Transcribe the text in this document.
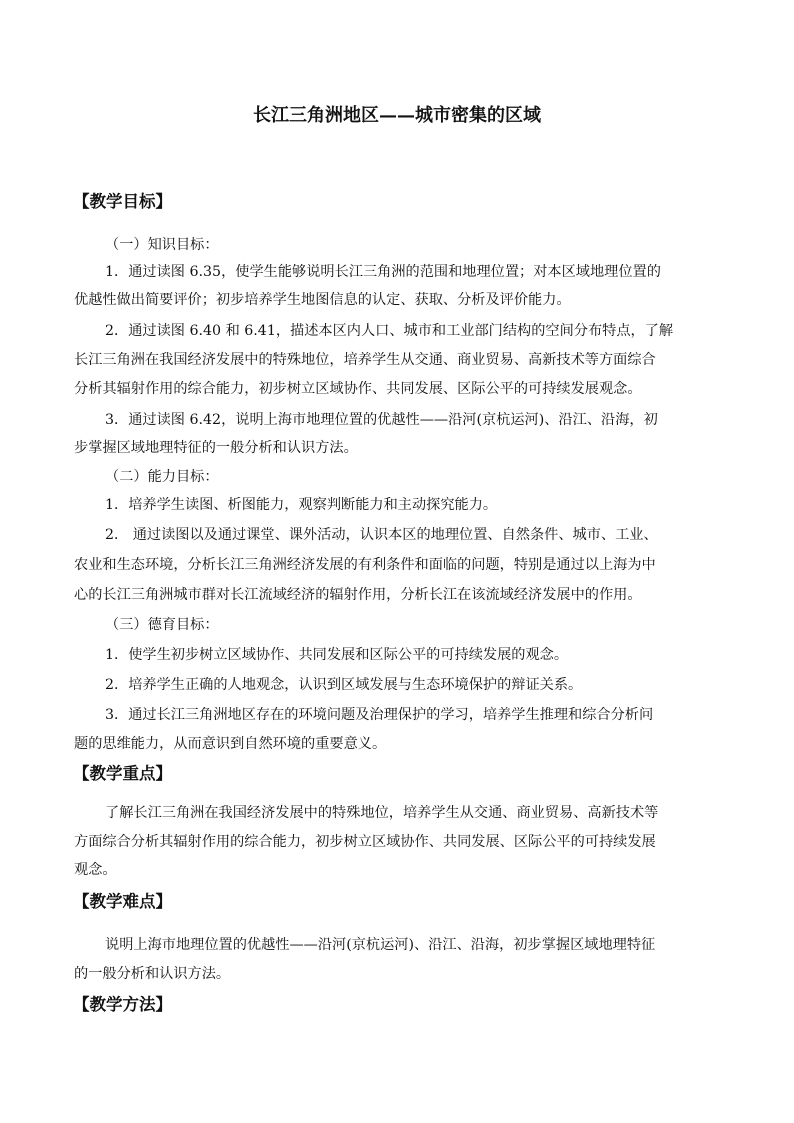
长江三角洲地区——城市密集的区域
【教学目标】
（一）知识目标：
1．通过读图 6.35，使学生能够说明长江三角洲的范围和地理位置；对本区域地理位置的
优越性做出简要评价；初步培养学生地图信息的认定、获取、分析及评价能力。
2．通过读图 6.40 和 6.41，描述本区内人口、城市和工业部门结构的空间分布特点，了解
长江三角洲在我国经济发展中的特殊地位，培养学生从交通、商业贸易、高新技术等方面综合
分析其辐射作用的综合能力，初步树立区域协作、共同发展、区际公平的可持续发展观念。
3．通过读图 6.42，说明上海市地理位置的优越性——沿河(京杭运河)、沿江、沿海，初
步掌握区域地理特征的一般分析和认识方法。
（二）能力目标：
1．培养学生读图、析图能力，观察判断能力和主动探究能力。
2． 通过读图以及通过课堂、课外活动，认识本区的地理位置、自然条件、城市、工业、
农业和生态环境，分析长江三角洲经济发展的有利条件和面临的问题，特别是通过以上海为中
心的长江三角洲城市群对长江流域经济的辐射作用，分析长江在该流域经济发展中的作用。
（三）德育目标：
1．使学生初步树立区域协作、共同发展和区际公平的可持续发展的观念。
2．培养学生正确的人地观念，认识到区域发展与生态环境保护的辩证关系。
3．通过长江三角洲地区存在的环境问题及治理保护的学习，培养学生推理和综合分析问
题的思维能力，从而意识到自然环境的重要意义。
【教学重点】
了解长江三角洲在我国经济发展中的特殊地位，培养学生从交通、商业贸易、高新技术等
方面综合分析其辐射作用的综合能力，初步树立区域协作、共同发展、区际公平的可持续发展
观念。
【教学难点】
说明上海市地理位置的优越性——沿河(京杭运河)、沿江、沿海，初步掌握区域地理特征
的一般分析和认识方法。
【教学方法】
